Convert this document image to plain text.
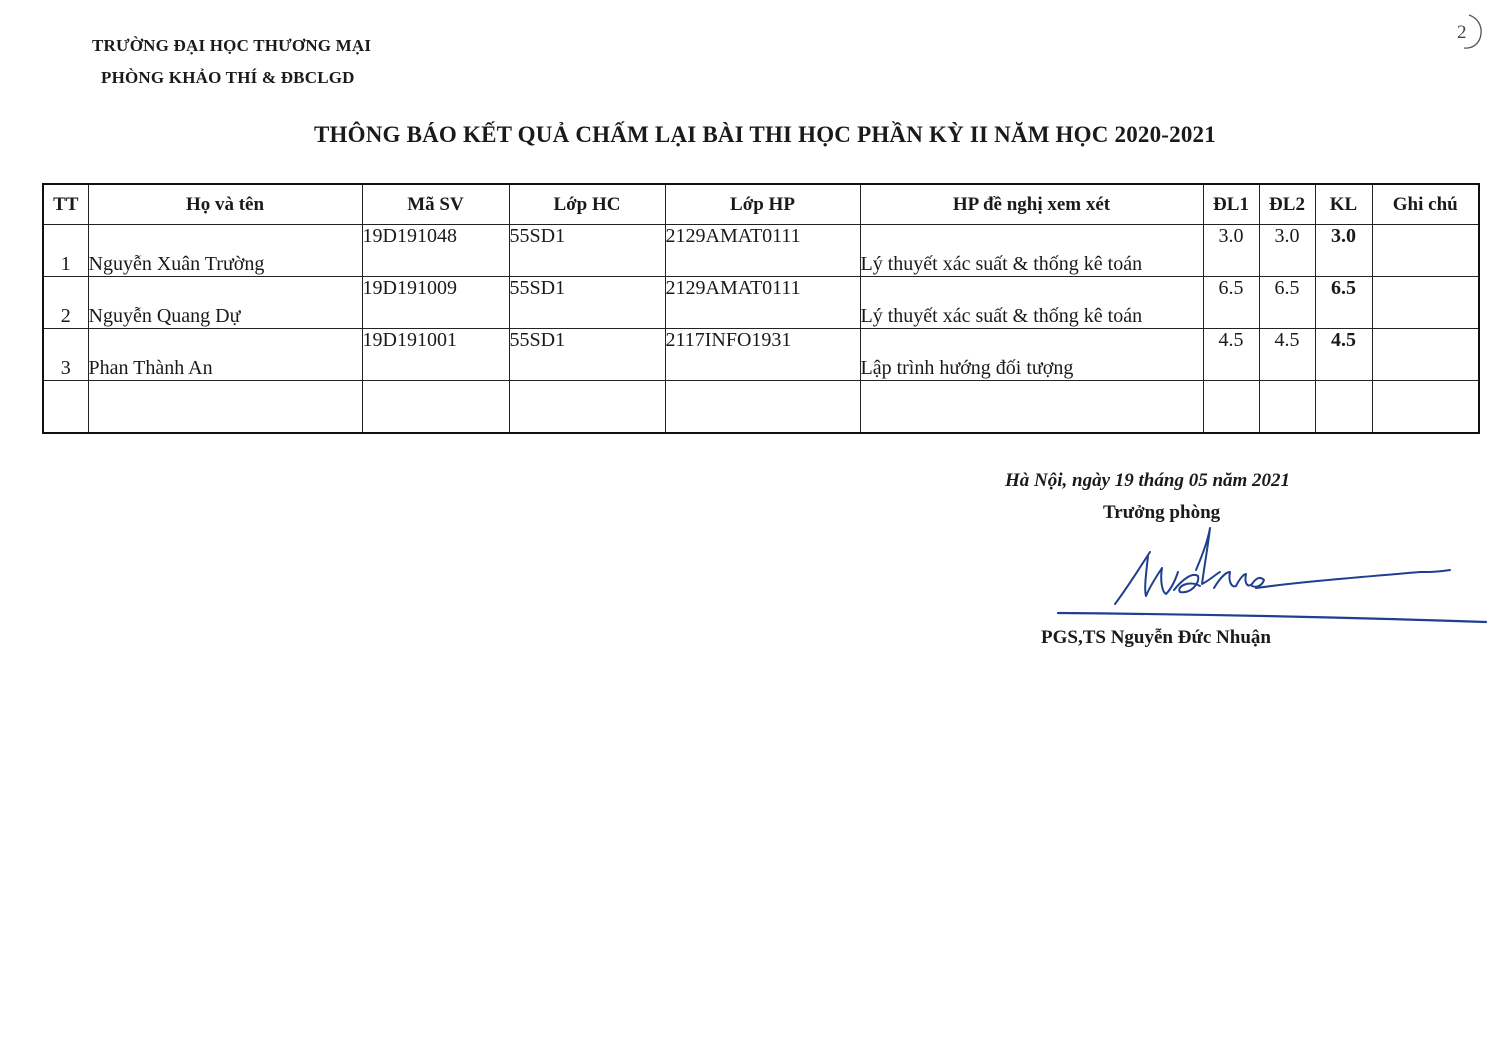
TRƯỜNG ĐẠI HỌC THƯƠNG MẠI
PHÒNG KHẢO THÍ & ĐBCLGD
2
THÔNG BÁO KẾT QUẢ CHẤM LẠI BÀI THI HỌC PHẦN KỲ II NĂM HỌC 2020-2021
TT	Họ và tên	Mã SV	Lớp HC	Lớp HP	HP đề nghị xem xét	ĐL1	ĐL2	KL	Ghi chú
1	Nguyễn Xuân Trường	19D191048	55SD1	2129AMAT0111	Lý thuyết xác suất & thống kê toán	3.0	3.0	3.0	
2	Nguyễn Quang Dự	19D191009	55SD1	2129AMAT0111	Lý thuyết xác suất & thống kê toán	6.5	6.5	6.5	
3	Phan Thành An	19D191001	55SD1	2117INFO1931	Lập trình hướng đối tượng	4.5	4.5	4.5	

Hà Nội, ngày 19 tháng 05 năm 2021
Trưởng phòng
PGS,TS Nguyễn Đức Nhuận
